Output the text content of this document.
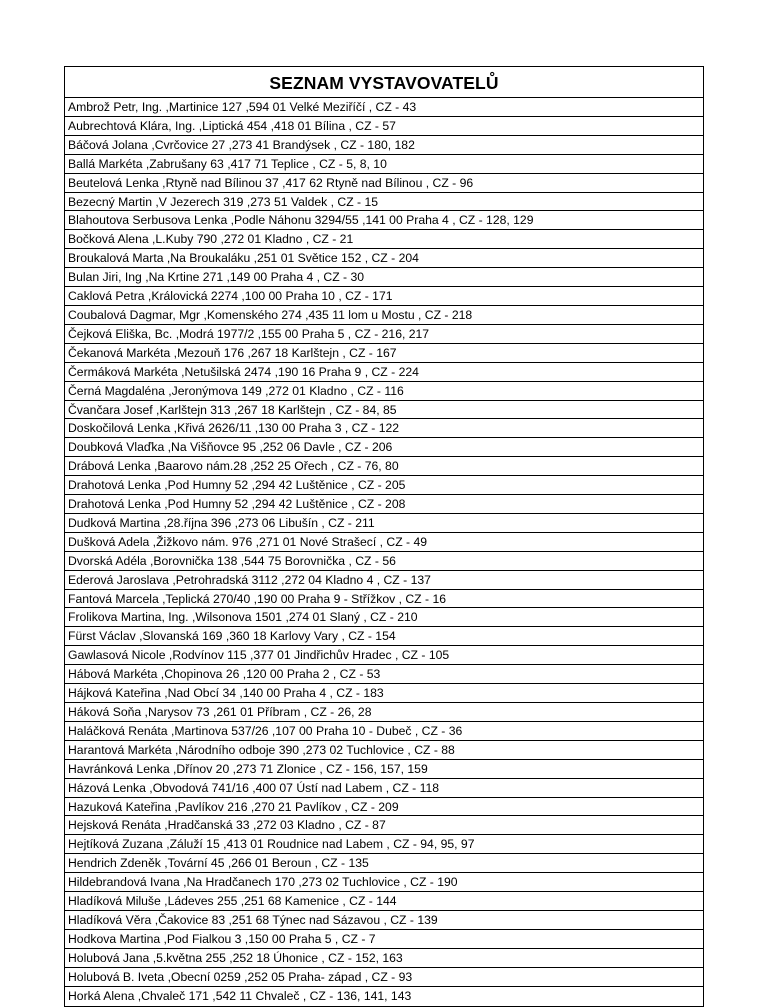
SEZNAM VYSTAVOVATELŮ
Ambrož Petr, Ing. ,Martinice 127 ,594 01 Velké Meziříčí , CZ - 43
Aubrechtová Klára, Ing. ,Liptická 454 ,418 01 Bílina , CZ - 57
Báčová Jolana ,Cvrčovice 27 ,273 41 Brandýsek , CZ - 180, 182
Ballá Markéta ,Zabrušany 63 ,417 71 Teplice , CZ - 5, 8, 10
Beutelová Lenka ,Rtyně nad Bílinou 37 ,417 62 Rtyně nad Bílinou , CZ - 96
Bezecný Martin ,V Jezerech 319 ,273 51 Valdek , CZ - 15
Blahoutova Serbusova Lenka ,Podle Náhonu 3294/55 ,141 00 Praha 4 , CZ - 128, 129
Bočková Alena ,L.Kuby 790 ,272 01 Kladno , CZ - 21
Broukalová Marta ,Na Broukaláku ,251 01 Světice 152 , CZ - 204
Bulan Jiri, Ing ,Na Krtine 271 ,149 00 Praha 4 , CZ - 30
Caklová Petra ,Královická 2274 ,100 00 Praha 10 , CZ - 171
Coubalová Dagmar, Mgr ,Komenského 274 ,435 11 lom u Mostu , CZ - 218
Čejková Eliška, Bc. ,Modrá 1977/2 ,155 00 Praha 5 , CZ - 216, 217
Čekanová Markéta ,Mezouň 176 ,267 18 Karlštejn , CZ - 167
Čermáková Markéta ,Netušilská 2474 ,190 16 Praha 9 , CZ - 224
Černá Magdaléna ,Jeronýmova 149 ,272 01 Kladno , CZ - 116
Čvančara Josef ,Karlštejn 313 ,267 18 Karlštejn , CZ - 84, 85
Doskočilová Lenka ,Křivá 2626/11 ,130 00 Praha 3 , CZ - 122
Doubková Vlaďka ,Na Višňovce 95 ,252 06 Davle , CZ - 206
Drábová Lenka ,Baarovo nám.28 ,252 25 Ořech , CZ - 76, 80
Drahotová Lenka ,Pod Humny 52 ,294 42 Luštěnice , CZ - 205
Drahotová Lenka ,Pod Humny 52 ,294 42 Luštěnice , CZ - 208
Dudková Martina ,28.října 396 ,273 06 Libušín , CZ - 211
Dušková Adela ,Žižkovo nám. 976 ,271 01 Nové Strašecí , CZ - 49
Dvorská Adéla ,Borovnička 138 ,544 75 Borovnička , CZ - 56
Ederová Jaroslava ,Petrohradská 3112 ,272 04 Kladno 4 , CZ - 137
Fantová Marcela ,Teplická 270/40 ,190 00 Praha 9 - Střížkov , CZ - 16
Frolikova Martina, Ing. ,Wilsonova 1501 ,274 01 Slaný , CZ - 210
Fürst Václav ,Slovanská 169 ,360 18 Karlovy Vary , CZ - 154
Gawlasová Nicole ,Rodvínov 115 ,377 01 Jindřichův Hradec , CZ - 105
Hábová Markéta ,Chopinova 26 ,120 00 Praha 2 , CZ - 53
Hájková Kateřina ,Nad Obcí 34 ,140 00 Praha 4 , CZ - 183
Háková Soňa ,Narysov 73 ,261 01 Příbram , CZ - 26, 28
Haláčková Renáta ,Martinova 537/26 ,107 00 Praha 10 - Dubeč , CZ - 36
Harantová Markéta ,Národního odboje 390 ,273 02 Tuchlovice , CZ - 88
Havránková Lenka ,Dřínov 20 ,273 71 Zlonice , CZ - 156, 157, 159
Házová Lenka ,Obvodová 741/16 ,400 07 Ústí nad Labem , CZ - 118
Hazuková Kateřina ,Pavlíkov 216 ,270 21 Pavlíkov , CZ - 209
Hejsková Renáta ,Hradčanská 33 ,272 03 Kladno , CZ - 87
Hejtíková Zuzana ,Záluží 15 ,413 01 Roudnice nad Labem , CZ - 94, 95, 97
Hendrich Zdeněk ,Tovární 45 ,266 01 Beroun , CZ - 135
Hildebrandová Ivana ,Na Hradčanech 170 ,273 02 Tuchlovice , CZ - 190
Hladíková Miluše ,Ládeves 255 ,251 68 Kamenice , CZ - 144
Hladíková Věra ,Čakovice 83 ,251 68 Týnec nad Sázavou , CZ - 139
Hodkova Martina ,Pod Fialkou 3 ,150 00 Praha 5 , CZ - 7
Holubová Jana ,5.května 255 ,252 18 Úhonice , CZ - 152, 163
Holubová B. Iveta ,Obecní 0259 ,252 05 Praha- západ , CZ - 93
Horká Alena ,Chvaleč 171 ,542 11 Chvaleč , CZ - 136, 141, 143
